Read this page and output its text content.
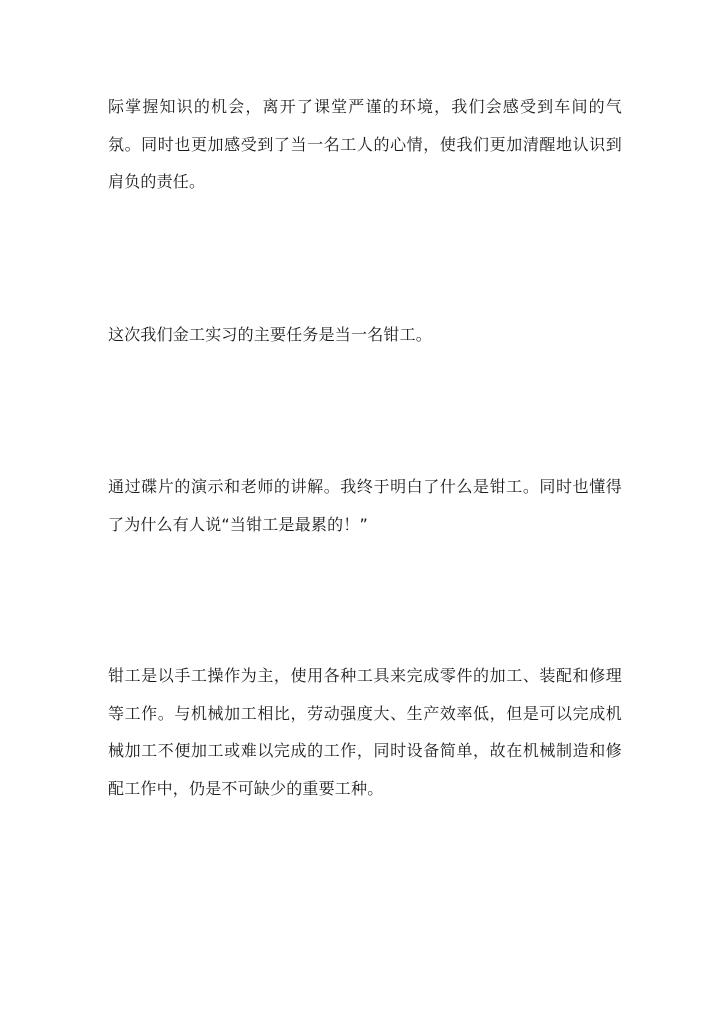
际掌握知识的机会，离开了课堂严谨的环境，我们会感受到车间的气氛。同时也更加感受到了当一名工人的心情，使我们更加清醒地认识到肩负的责任。

这次我们金工实习的主要任务是当一名钳工。

通过碟片的演示和老师的讲解。我终于明白了什么是钳工。同时也懂得了为什么有人说“当钳工是最累的！”

钳工是以手工操作为主，使用各种工具来完成零件的加工、装配和修理等工作。与机械加工相比，劳动强度大、生产效率低，但是可以完成机械加工不便加工或难以完成的工作，同时设备简单，故在机械制造和修配工作中，仍是不可缺少的重要工种。
